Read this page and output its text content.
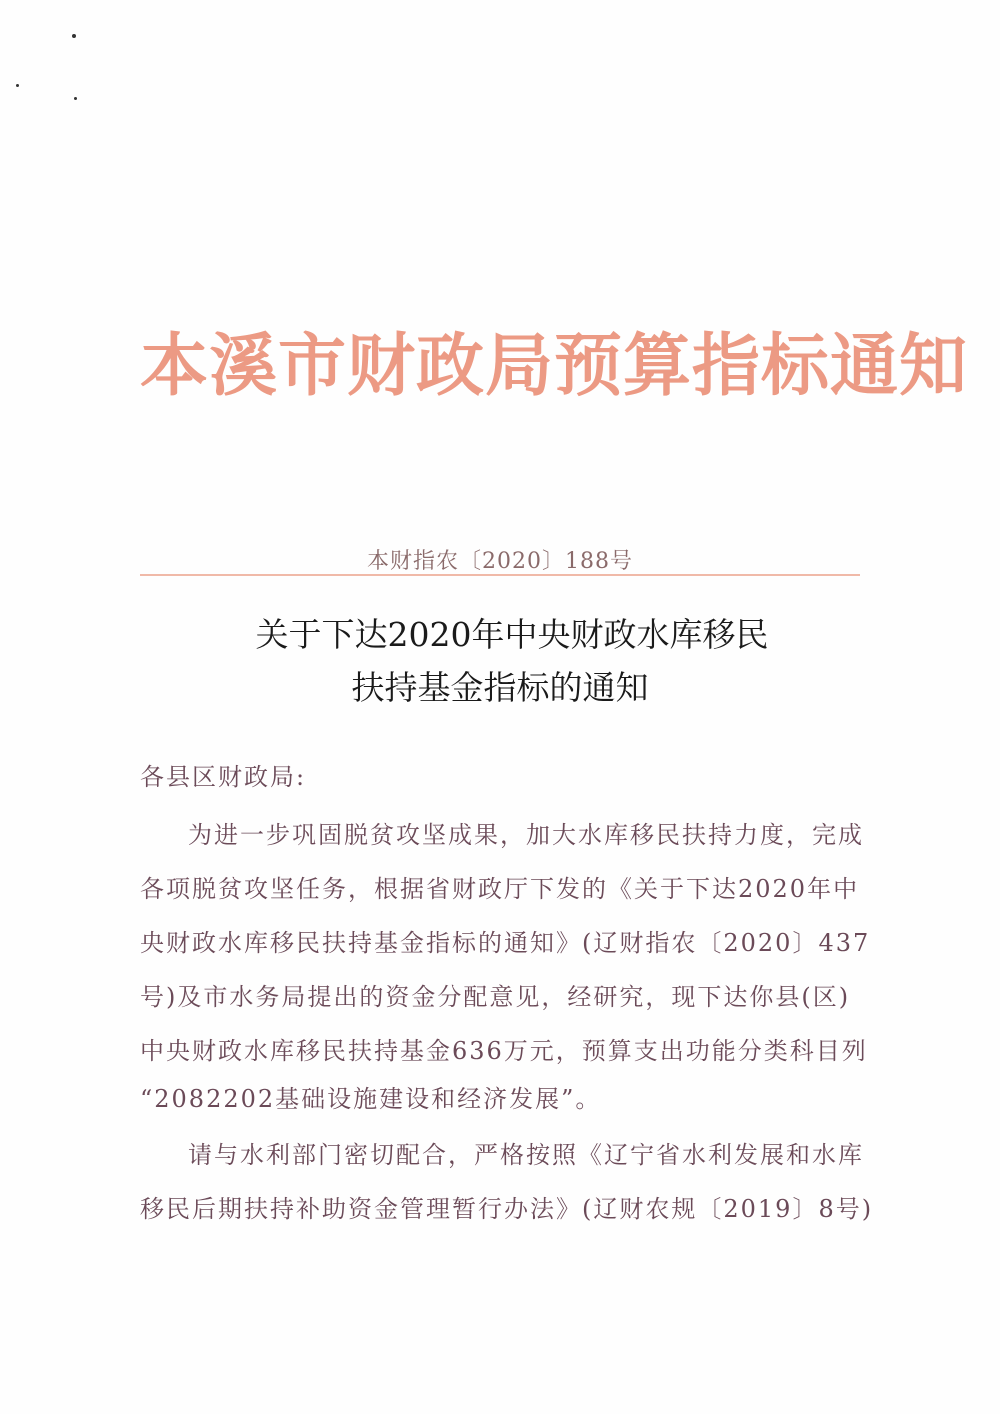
本溪市财政局预算指标通知
本财指农〔2020〕188号
关于下达2020年中央财政水库移民
扶持基金指标的通知
各县区财政局:
为进一步巩固脱贫攻坚成果，加大水库移民扶持力度，完成
各项脱贫攻坚任务，根据省财政厅下发的《关于下达2020年中
央财政水库移民扶持基金指标的通知》(辽财指农〔2020〕437
号)及市水务局提出的资金分配意见，经研究，现下达你县(区)
中央财政水库移民扶持基金636万元，预算支出功能分类科目列
“2082202基础设施建设和经济发展”。
请与水利部门密切配合，严格按照《辽宁省水利发展和水库
移民后期扶持补助资金管理暂行办法》(辽财农规〔2019〕8号)
